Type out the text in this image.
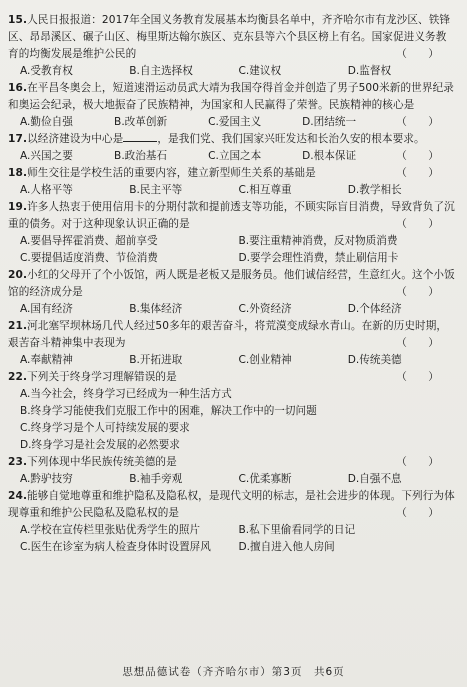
15.人民日报报道：2017年全国义务教育发展基本均衡县名单中，齐齐哈尔市有龙沙区、铁锋区、昂昂溪区、碾子山区、梅里斯达翰尔族区、克东县等六个县区榜上有名。国家促进义务教育的均衡发展是维护公民的	（　　）

A.受教育权	B.自主选择权	C.建议权	D.监督权

16.在平昌冬奥会上，短道速滑运动员武大靖为我国夺得首金并创造了男子500米新的世界纪录和奥运会纪录，极大地振奋了民族精神，为国家和人民赢得了荣誉。民族精神的核心是
（　　）

A.勤俭自强	B.改革创新	C.爱国主义	D.团结统一

17.以经济建设为中心是	，是我们党、我们国家兴旺发达和长治久安的根本要求。
（　　）

A.兴国之要	B.政治基石	C.立国之本	D.根本保证

18.师生交往是学校生活的重要内容，建立新型师生关系的基础是	（　　）

A.人格平等	B.民主平等	C.相互尊重	D.教学相长

19.许多人热衷于使用信用卡的分期付款和提前透支等功能，不顾实际盲目消费，导致背负了沉重的债务。对于这种现象认识正确的是	（　　）

A.要倡导挥霍消费、超前享受	B.要注重精神消费，反对物质消费
C.要提倡适度消费、节俭消费	D.要学会理性消费，禁止刷信用卡

20.小红的父母开了个小饭馆，两人既是老板又是服务员。他们诚信经营，生意红火。这个小饭馆的经济成分是	（　　）

A.国有经济	B.集体经济	C.外资经济	D.个体经济

21.河北塞罕坝林场几代人经过50多年的艰苦奋斗，将荒漠变成绿水青山。在新的历史时期，艰苦奋斗精神集中表现为	（　　）

A.奉献精神	B.开拓进取	C.创业精神	D.传统美德

22.下列关于终身学习理解错误的是	（　　）

A.当今社会，终身学习已经成为一种生活方式
B.终身学习能使我们克服工作中的困难，解决工作中的一切问题
C.终身学习是个人可持续发展的要求
D.终身学习是社会发展的必然要求

23.下列体现中华民族传统美德的是	（　　）

A.黔驴技穷	B.袖手旁观	C.优柔寡断	D.自强不息

24.能够自觉地尊重和维护隐私及隐私权，是现代文明的标志，是社会进步的体现。下列行为体现尊重和维护公民隐私及隐私权的是	（　　）

A.学校在宣传栏里张贴优秀学生的照片	B.私下里偷看同学的日记
C.医生在诊室为病人检查身体时设置屏风	D.擅自进入他人房间
思想品德试卷（齐齐哈尔市）第3页　共6页
